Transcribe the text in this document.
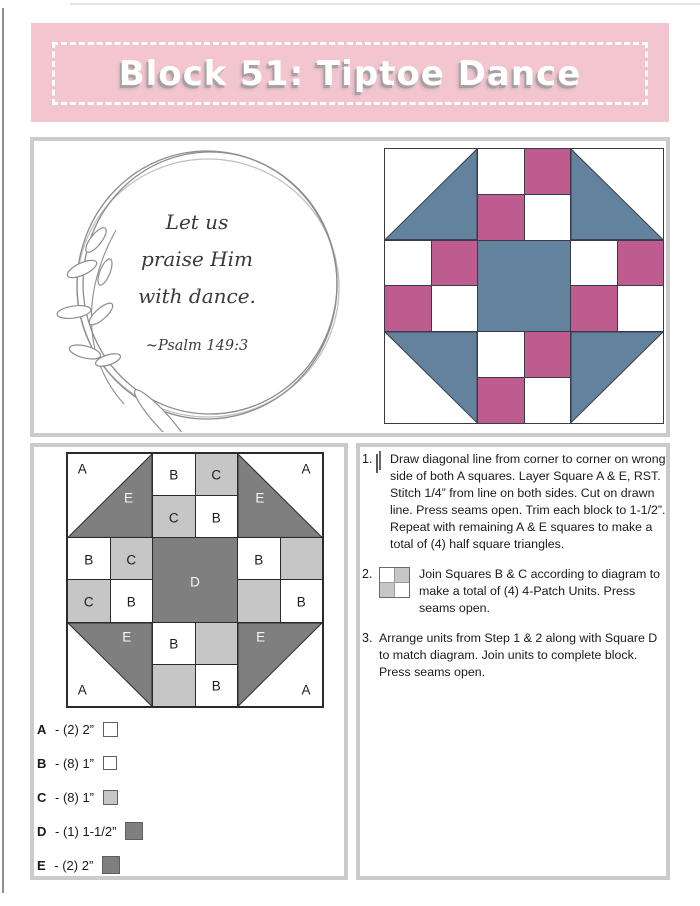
Block 51: Tiptoe Dance
Let us
praise Him
with dance.
~Psalm 149:3
A
E
B C
C B
A
E
B C
C B
D
B
B
A
E	B
B	A
E
A - (2) 2”
B - (8) 1”
C - (8) 1”
D - (1) 1-1/2”
E - (2) 2”
1.	Draw diagonal line from corner to corner on wrong side of both A squares. Layer Square A & E, RST. Stitch 1/4” from line on both sides. Cut on drawn line. Press seams open. Trim each block to 1-1/2”. Repeat with remaining A & E squares to make a total of (4) half square triangles.
2.	Join Squares B & C according to diagram to make a total of (4) 4-Patch Units. Press seams open.
3. Arrange units from Step 1 & 2 along with Square D to match diagram. Join units to complete block. Press seams open.
